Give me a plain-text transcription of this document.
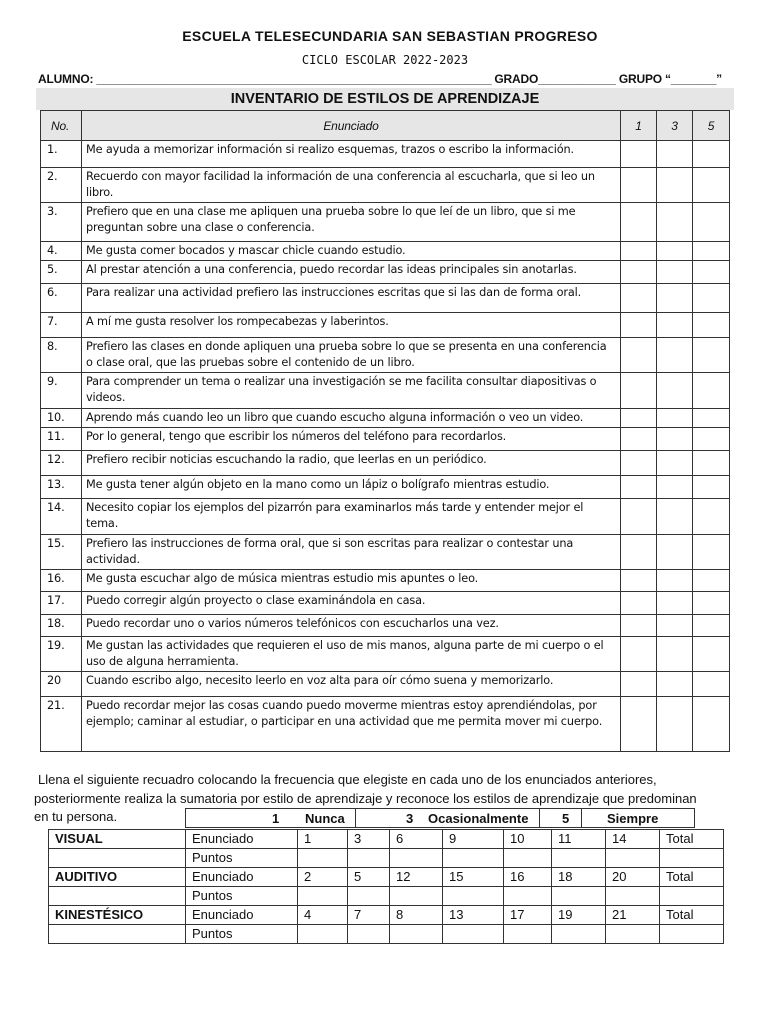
ESCUELA TELESECUNDARIA SAN SEBASTIAN PROGRESO
CICLO ESCOLAR 2022-2023
ALUMNO: _____________________________________________________________ GRADO____________ GRUPO “_______”
INVENTARIO DE ESTILOS DE APRENDIZAJE
No.	Enunciado	1	3	5
1.	Me ayuda a memorizar información si realizo esquemas, trazos o escribo la información.			
2.	Recuerdo con mayor facilidad la información de una conferencia al escucharla, que si leo un libro.			
3.	Prefiero que en una clase me apliquen una prueba sobre lo que leí de un libro, que si me preguntan sobre una clase o conferencia.			
4.	Me gusta comer bocados y mascar chicle cuando estudio.			
5.	Al prestar atención a una conferencia, puedo recordar las ideas principales sin anotarlas.			
6.	Para realizar una actividad prefiero las instrucciones escritas que si las dan de forma oral.			
7.	A mí me gusta resolver los rompecabezas y laberintos.			
8.	Prefiero las clases en donde apliquen una prueba sobre lo que se presenta en una conferencia o clase oral, que las pruebas sobre el contenido de un libro.			
9.	Para comprender un tema o realizar una investigación se me facilita consultar diapositivas o videos.			
10.	Aprendo más cuando leo un libro que cuando escucho alguna información o veo un video.			
11.	Por lo general, tengo que escribir los números del teléfono para recordarlos.			
12.	Prefiero recibir noticias escuchando la radio, que leerlas en un periódico.			
13.	Me gusta tener algún objeto en la mano como un lápiz o bolígrafo mientras estudio.			
14.	Necesito copiar los ejemplos del pizarrón para examinarlos más tarde y entender mejor el tema.			
15.	Prefiero las instrucciones de forma oral, que si son escritas para realizar o contestar una actividad.			
16.	Me gusta escuchar algo de música mientras estudio mis apuntes o leo.			
17.	Puedo corregir algún proyecto o clase examinándola en casa.			
18.	Puedo recordar uno o varios números telefónicos con escucharlos una vez.			
19.	Me gustan las actividades que requieren el uso de mis manos, alguna parte de mi cuerpo o el uso de alguna herramienta.			
20	Cuando escribo algo, necesito leerlo en voz alta para oír cómo suena y memorizarlo.			
21.	Puedo recordar mejor las cosas cuando puedo moverme mientras estoy aprendiéndolas, por ejemplo; caminar al estudiar, o participar en una actividad que me permita mover mi cuerpo.			
Llena el siguiente recuadro colocando la frecuencia que elegiste en cada uno de los enunciados anteriores,
posteriormente realiza la sumatoria por estilo de aprendizaje y reconoce los estilos de aprendizaje que predominan
en tu persona.	1 Nunca	3 Ocasionalmente	5	Siempre
VISUAL	Enunciado	1	3	6	9	10	11	14	Total
	Puntos								
AUDITIVO	Enunciado	2	5	12	15	16	18	20	Total
	Puntos								
KINESTÉSICO	Enunciado	4	7	8	13	17	19	21	Total
	Puntos								
